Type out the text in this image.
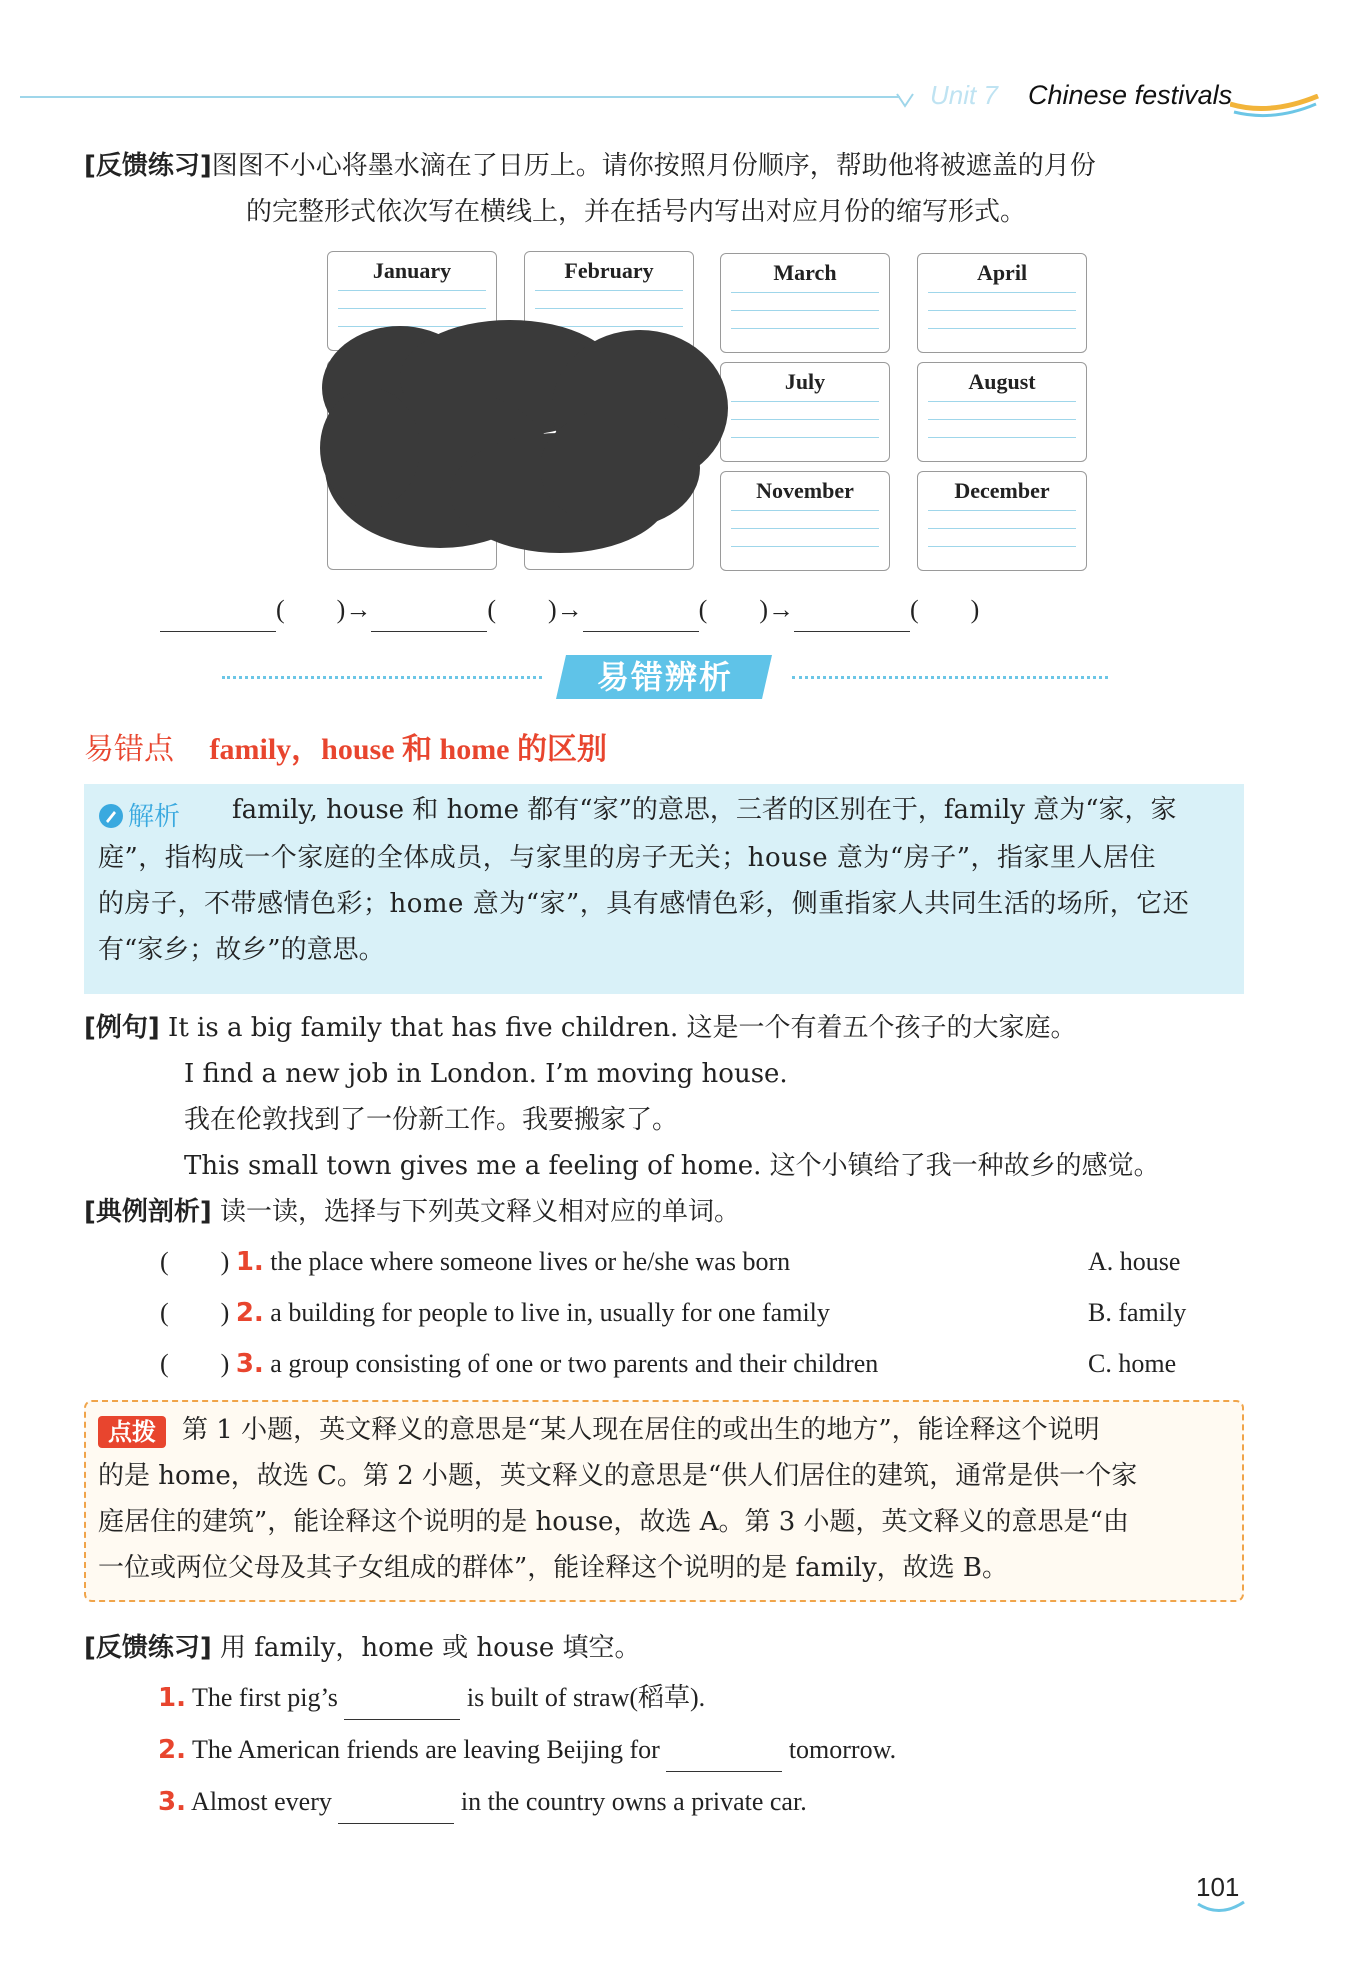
Unit 7 Chinese festivals
[反馈练习]图图不小心将墨水滴在了日历上。请你按照月份顺序，帮助他将被遮盖的月份
的完整形式依次写在横线上，并在括号内写出对应月份的缩写形式。
January	February	March	April
July	August
November	December
(　　)→	(　　)→	(　　)→	(　　)
易错辨析
易错点 family，house 和 home 的区别
解析 family, house 和 home 都有“家”的意思，三者的区别在于，family 意为“家，家
庭”，指构成一个家庭的全体成员，与家里的房子无关；house 意为“房子”，指家里人居住
的房子，不带感情色彩；home 意为“家”，具有感情色彩，侧重指家人共同生活的场所，它还
有“家乡；故乡”的意思。
[例句] It is a big family that has five children. 这是一个有着五个孩子的大家庭。
I find a new job in London. I’m moving house.
我在伦敦找到了一份新工作。我要搬家了。
This small town gives me a feeling of home. 这个小镇给了我一种故乡的感觉。
[典例剖析] 读一读，选择与下列英文释义相对应的单词。
(　　) 1. the place where someone lives or he/she was born	A. house
(　　) 2. a building for people to live in, usually for one family	B. family
(　　) 3. a group consisting of one or two parents and their children	C. home
点拨	第 1 小题，英文释义的意思是“某人现在居住的或出生的地方”，能诠释这个说明
的是 home，故选 C。第 2 小题，英文释义的意思是“供人们居住的建筑，通常是供一个家
庭居住的建筑”，能诠释这个说明的是 house，故选 A。第 3 小题，英文释义的意思是“由
一位或两位父母及其子女组成的群体”，能诠释这个说明的是 family，故选 B。
[反馈练习] 用 family，home 或 house 填空。
1. The first pig’s	is built of straw(稻草).
2. The American friends are leaving Beijing for	tomorrow.
3. Almost every	in the country owns a private car.
101
